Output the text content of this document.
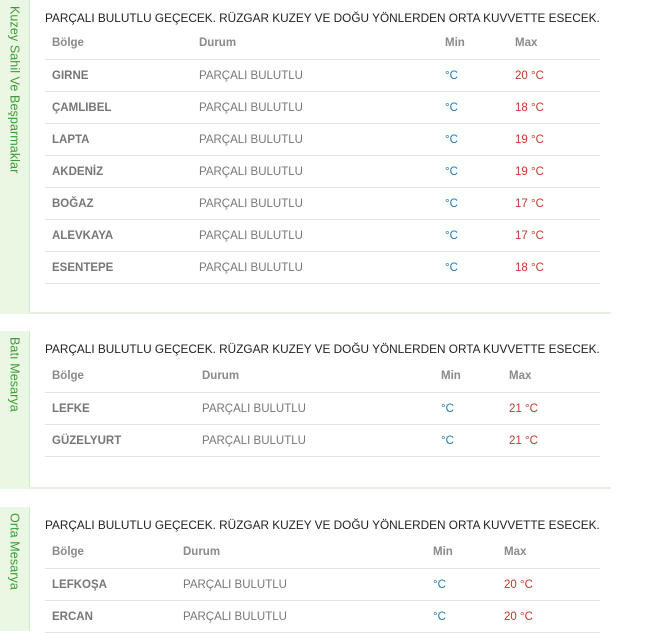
Kuzey Sahil Ve Beşparmaklar PARÇALI BULUTLU GEÇECEK. RÜZGAR KUZEY VE DOĞU YÖNLERDEN ORTA KUVVETTE ESECEK.
Bölge	Durum	Min	Max
GIRNE	PARÇALI BULUTLU	°C	20 °C
ÇAMLIBEL	PARÇALI BULUTLU	°C	18 °C
LAPTA	PARÇALI BULUTLU	°C	19 °C
AKDENİZ	PARÇALI BULUTLU	°C	19 °C
BOĞAZ	PARÇALI BULUTLU	°C	17 °C
ALEVKAYA	PARÇALI BULUTLU	°C	17 °C
ESENTEPE	PARÇALI BULUTLU	°C	18 °C
Batı Mesarya PARÇALI BULUTLU GEÇECEK. RÜZGAR KUZEY VE DOĞU YÖNLERDEN ORTA KUVVETTE ESECEK.
Bölge	Durum	Min	Max
LEFKE	PARÇALI BULUTLU	°C	21 °C
GÜZELYURT	PARÇALI BULUTLU	°C	21 °C
Orta Mesarya PARÇALI BULUTLU GEÇECEK. RÜZGAR KUZEY VE DOĞU YÖNLERDEN ORTA KUVVETTE ESECEK.
Bölge	Durum	Min	Max
LEFKOŞA	PARÇALI BULUTLU	°C	20 °C
ERCAN	PARÇALI BULUTLU	°C	20 °C
